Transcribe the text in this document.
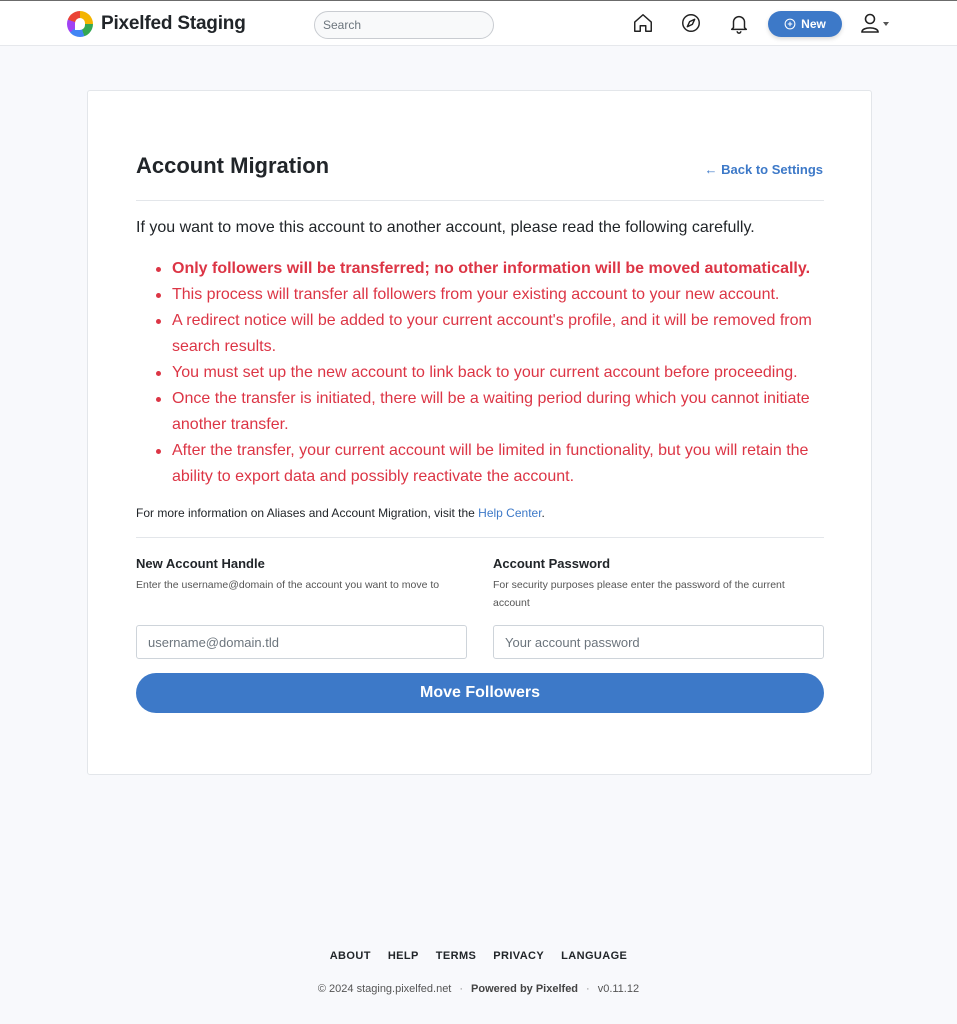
Pixelfed Staging
Search	New
Account Migration	← Back to Settings

If you want to move this account to another account, please read the following carefully.

Only followers will be transferred; no other information will be moved automatically.
This process will transfer all followers from your existing account to your new account.
A redirect notice will be added to your current account's profile, and it will be removed from search results.
You must set up the new account to link back to your current account before proceeding.
Once the transfer is initiated, there will be a waiting period during which you cannot initiate another transfer.
After the transfer, your current account will be limited in functionality, but you will retain the ability to export data and possibly reactivate the account.

For more information on Aliases and Account Migration, visit the Help Center.

New Account Handle
Enter the username@domain of the account you want to move to
username@domain.tld
Account Password
For security purposes please enter the password of the current account
Move Followers
ABOUT HELP TERMS PRIVACY LANGUAGE
© 2024 staging.pixelfed.net · Powered by Pixelfed · v0.11.12
